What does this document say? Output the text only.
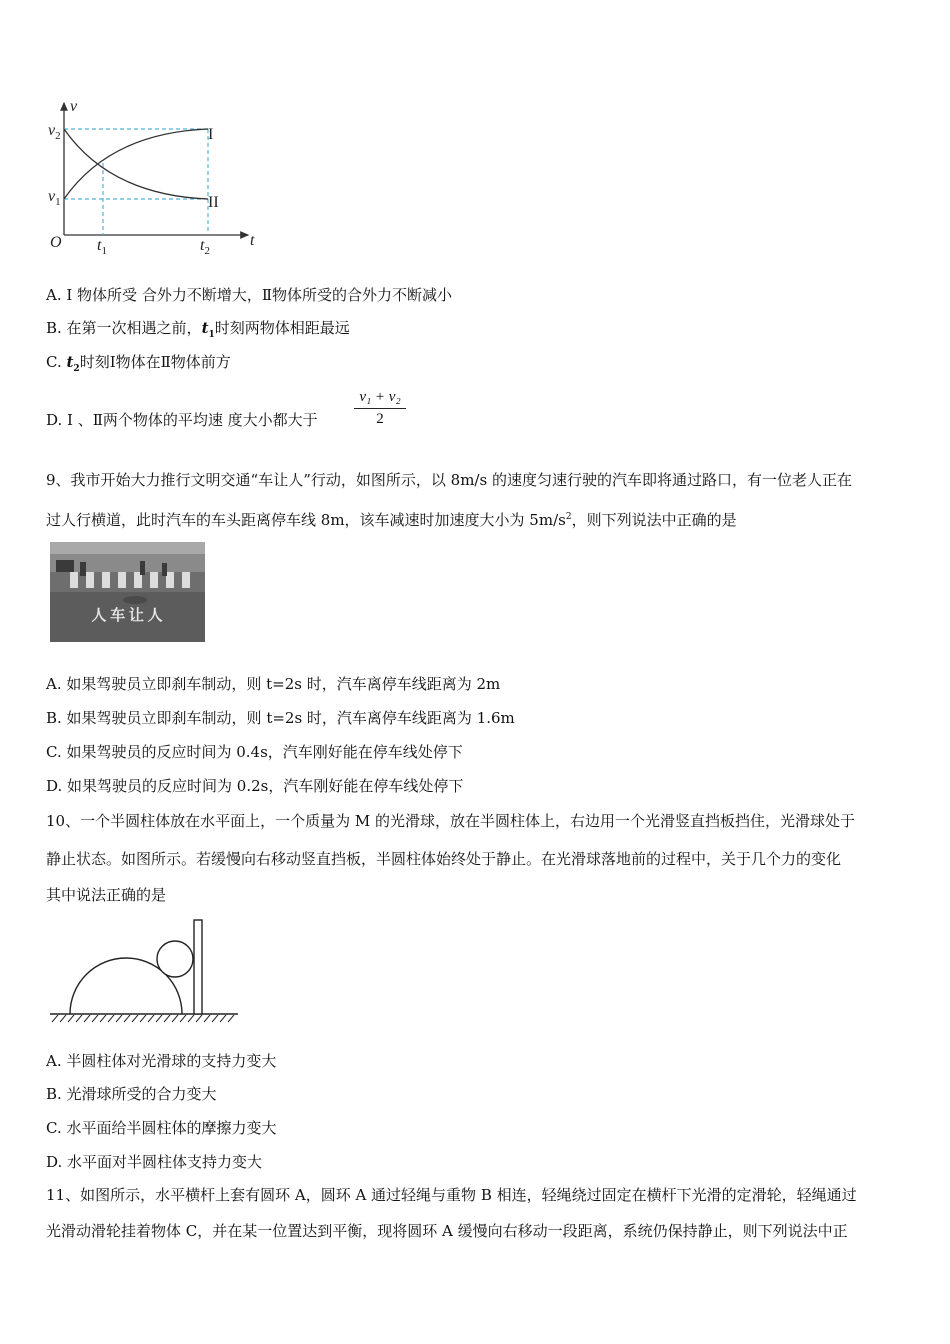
v
$v_2$
$v_1$
O	t
$t_1$	$t_2$
I
II
A. Ⅰ 物体所受 合外力不断增大，Ⅱ物体所受的合外力不断减小
B. 在第一次相遇之前，$t_1$时刻两物体相距最远
C. $t_2$时刻Ⅰ物体在Ⅱ物体前方
D. Ⅰ 、Ⅱ两个物体的平均速 度大小都大于 $\frac{\text{v₁ + v₂}}{2}$
9、我市开始大力推行文明交通“车让人”行动，如图所示，以 8m/s 的速度匀速行驶的汽车即将通过路口，有一位老人正在
过人行横道，此时汽车的车头距离停车线 8m，该车减速时加速度大小为 $5m/s^2$，则下列说法中正确的是
人 车 让 人
A. 如果驾驶员立即刹车制动，则 t=2s 时，汽车离停车线距离为 2m
B. 如果驾驶员立即刹车制动，则 t=2s 时，汽车离停车线距离为 1.6m
C. 如果驾驶员的反应时间为 0.4s，汽车刚好能在停车线处停下
D. 如果驾驶员的反应时间为 0.2s，汽车刚好能在停车线处停下
10、一个半圆柱体放在水平面上，一个质量为 M 的光滑球，放在半圆柱体上，右边用一个光滑竖直挡板挡住，光滑球处于
静止状态。如图所示。若缓慢向右移动竖直挡板，半圆柱体始终处于静止。在光滑球落地前的过程中，关于几个力的变化
其中说法正确的是
A. 半圆柱体对光滑球的支持力变大
B. 光滑球所受的合力变大
C. 水平面给半圆柱体的摩擦力变大
D. 水平面对半圆柱体支持力变大
11、如图所示，水平横杆上套有圆环 A，圆环 A 通过轻绳与重物 B 相连，轻绳绕过固定在横杆下光滑的定滑轮，轻绳通过
光滑动滑轮挂着物体 C，并在某一位置达到平衡，现将圆环 A 缓慢向右移动一段距离，系统仍保持静止，则下列说法中正
